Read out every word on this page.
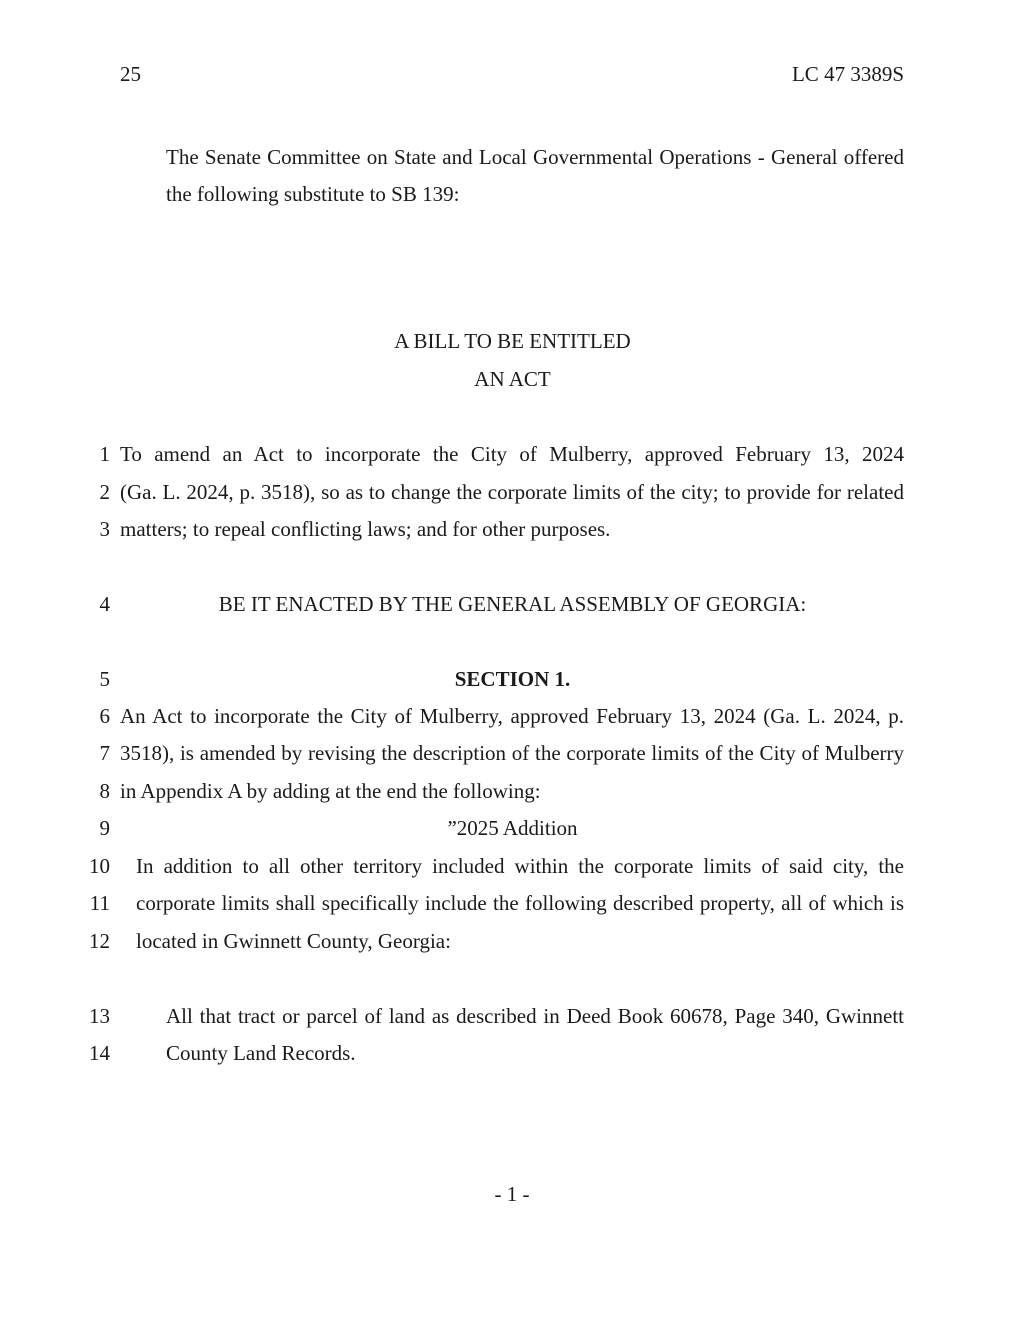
25	LC 47 3389S
The Senate Committee on State and Local Governmental Operations - General offered
the following substitute to SB 139:
A BILL TO BE ENTITLED
AN ACT
1 To amend an Act to incorporate the City of Mulberry, approved February 13, 2024
2 (Ga. L. 2024, p. 3518), so as to change the corporate limits of the city; to provide for related
3 matters; to repeal conflicting laws; and for other purposes.
4	BE IT ENACTED BY THE GENERAL ASSEMBLY OF GEORGIA:
5	SECTION 1.
6 An Act to incorporate the City of Mulberry, approved February 13, 2024 (Ga. L. 2024, p.
7 3518), is amended by revising the description of the corporate limits of the City of Mulberry
8 in Appendix A by adding at the end the following:
9	”2025 Addition
10 In addition to all other territory included within the corporate limits of said city, the
11 corporate limits shall specifically include the following described property, all of which is
12 located in Gwinnett County, Georgia:
13	All that tract or parcel of land as described in Deed Book 60678, Page 340, Gwinnett
14	County Land Records.
- 1 -
